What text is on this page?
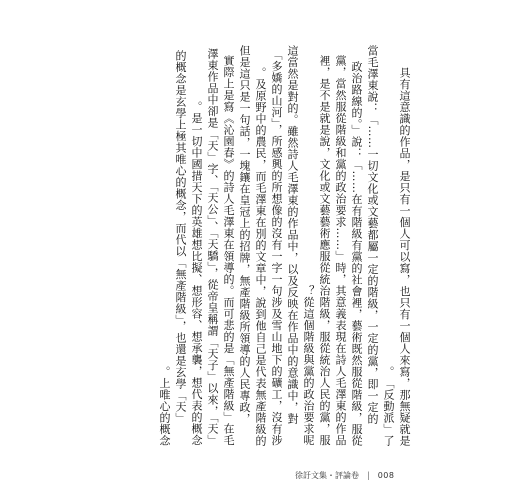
具有這意識的作品，是只有一個人可以寫，也只有一個人來寫，那無疑就是「反動派」了。

當毛澤東說：「……一切文化或文藝都屬一定的階級，一定的黨，即一定的政治路線的。」說：「……在有階級有黨的社會裡，藝術既然服從階級，服從黨，當然服從階級和黨的政治要求……」時，其意義表現在詩人毛澤東的作品裡，是不是就是說，文化或文藝藝術應服從統治階級，服從統治人民的黨，服從這個階級與黨的政治要求呢？

這當然是對的。雖然詩人毛澤東的作品中，以及反映在作品中的意識中，對「多嬌的山河」，所感興的所想像的沒有一字一句涉及雪山地下的礦工，沒有涉及原野中的農民，而毛澤東在別的文章中，說到他自己是代表無產階級的。

但是這只是一句話，一塊鑲在皇冠上的招牌，無產階級所領導的人民專政，實際上是寫《沁園春》的詩人毛澤東在領導的。而可悲的是「無產階級」在毛澤東作品中卻是「天」字、「天公」、「天驕」，從帝皇稱謂「天子」以來，「天」是一切中國措天下的英雄想比擬、想形容、想承襲，想代表的概念。

「天」的概念是玄學上極其唯心的概念，而代以「無產階級」，也還是玄學上唯心的概念。

徐訏文集・評論卷 | 008
